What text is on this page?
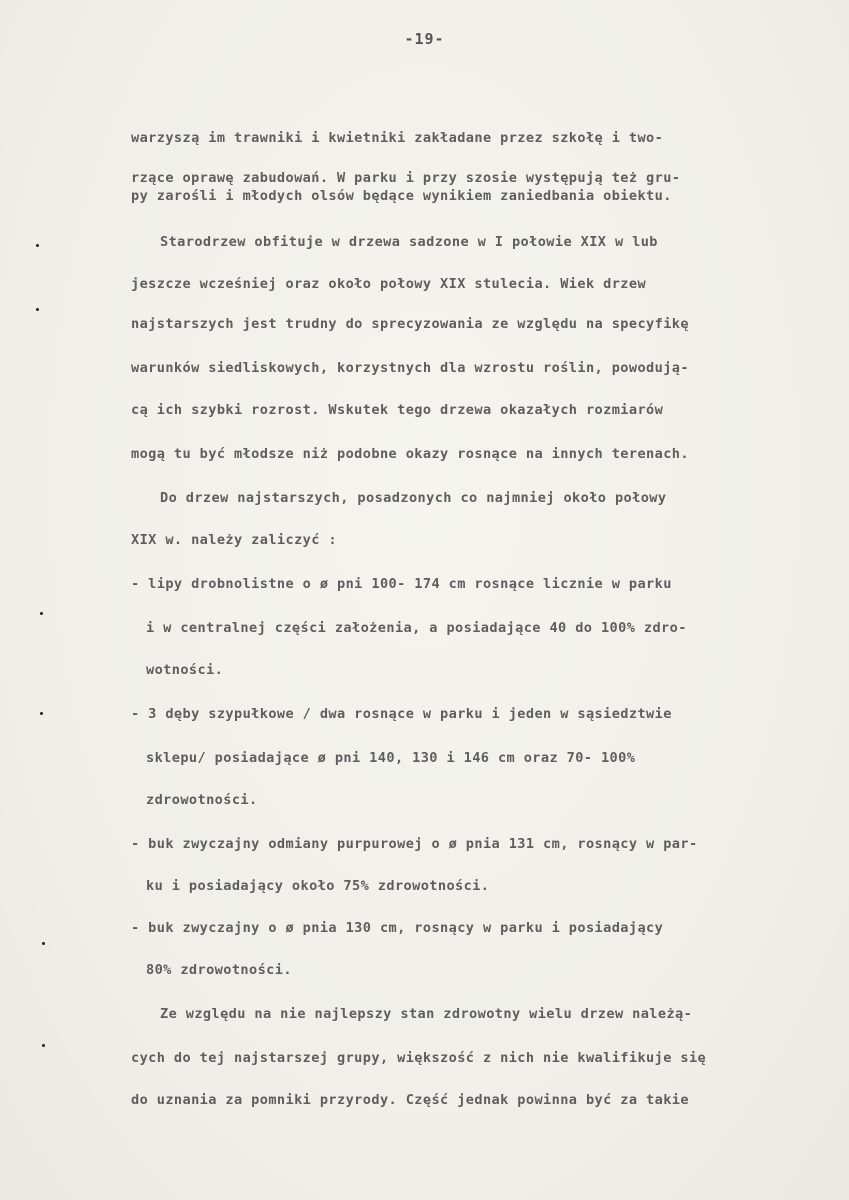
-19-
warzyszą im trawniki i kwietniki zakładane przez szkołę i two-
rzące oprawę zabudowań. W parku i przy szosie występują też gru-
py zarośli i młodych olsów będące wynikiem zaniedbania obiektu.
Starodrzew obfituje w drzewa sadzone w I połowie XIX w lub
jeszcze wcześniej oraz około połowy XIX stulecia. Wiek drzew
najstarszych jest trudny do sprecyzowania ze względu na specyfikę
warunków siedliskowych, korzystnych dla wzrostu roślin, powodują-
cą ich szybki rozrost. Wskutek tego drzewa okazałych rozmiarów
mogą tu być młodsze niż podobne okazy rosnące na innych terenach.
Do drzew najstarszych, posadzonych co najmniej około połowy
XIX w. należy zaliczyć :
- lipy drobnolistne o ø pni 100- 174 cm rosnące licznie w parku
i w centralnej części założenia, a posiadające 40 do 100% zdro-
wotności.
- 3 dęby szypułkowe / dwa rosnące w parku i jeden w sąsiedztwie
sklepu/ posiadające ø pni 140, 130 i 146 cm oraz 70- 100%
zdrowotności.
- buk zwyczajny odmiany purpurowej o ø pnia 131 cm, rosnący w par-
ku i posiadający około 75% zdrowotności.
- buk zwyczajny o ø pnia 130 cm, rosnący w parku i posiadający
80% zdrowotności.
Ze względu na nie najlepszy stan zdrowotny wielu drzew należą-
cych do tej najstarszej grupy, większość z nich nie kwalifikuje się
do uznania za pomniki przyrody. Część jednak powinna być za takie
